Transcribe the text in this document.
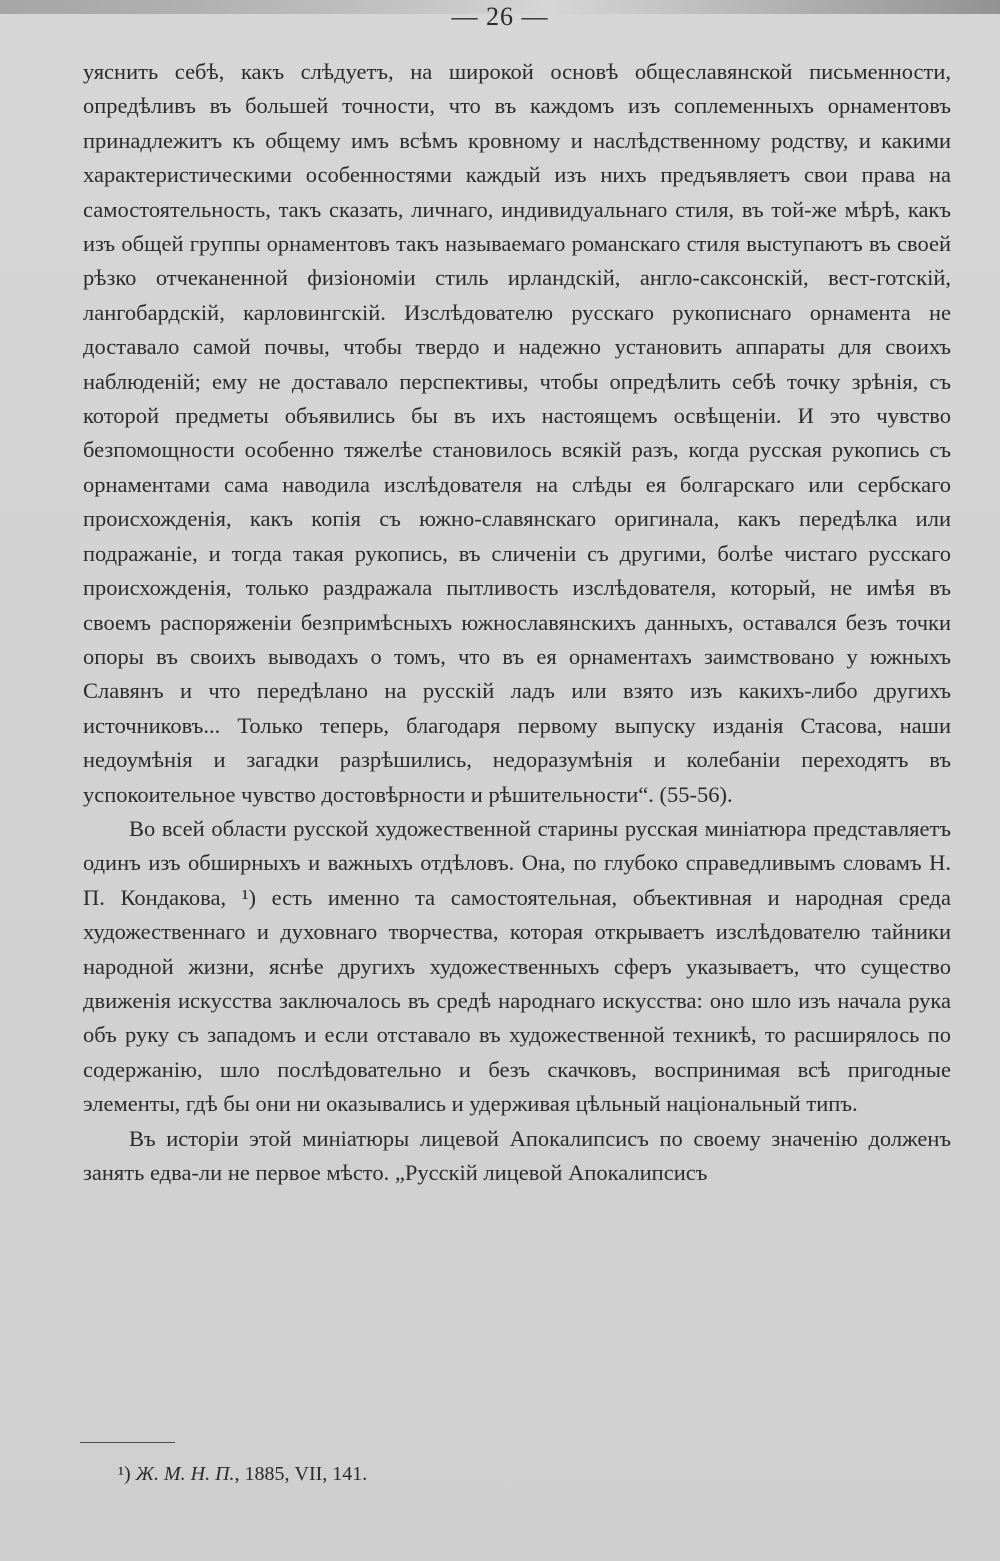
— 26 —

уяснить себѣ, какъ слѣдуетъ, на широкой основѣ общеславянской письменности, опредѣливъ въ большей точности, что въ каждомъ изъ соплеменныхъ орнаментовъ принадлежитъ къ общему имъ всѣмъ кровному и наслѣдственному родству, и какими характеристическими особенностями каждый изъ нихъ предъявляетъ свои права на самостоятельность, такъ сказать, личнаго, индивидуальнаго стиля, въ той-же мѣрѣ, какъ изъ общей группы орнаментовъ такъ называемаго романскаго стиля выступаютъ въ своей рѣзко отчеканенной физіономіи стиль ирландскій, англо-саксонскій, вест-готскій, лангобардскій, карловингскій. Изслѣдователю русскаго рукописнаго орнамента не доставало самой почвы, чтобы твердо и надежно установить аппараты для своихъ наблюденій; ему не доставало перспективы, чтобы опредѣлить себѣ точку зрѣнія, съ которой предметы объявились бы въ ихъ настоящемъ освѣщеніи. И это чувство безпомощности особенно тяжелѣе становилось всякій разъ, когда русская рукопись съ орнаментами сама наводила изслѣдователя на слѣды ея болгарскаго или сербскаго происхожденія, какъ копія съ южно-славянскаго оригинала, какъ передѣлка или подражаніе, и тогда такая рукопись, въ сличеніи съ другими, болѣе чистаго русскаго происхожденія, только раздражала пытливость изслѣдователя, который, не имѣя въ своемъ распоряженіи безпримѣсныхъ южнославянскихъ данныхъ, оставался безъ точки опоры въ своихъ выводахъ о томъ, что въ ея орнаментахъ заимствовано у южныхъ Славянъ и что передѣлано на русскій ладъ или взято изъ какихъ-либо другихъ источниковъ... Только теперь, благодаря первому выпуску изданія Стасова, наши недоумѣнія и загадки разрѣшились, недоразумѣнія и колебаніи переходятъ въ успокоительное чувство достовѣрности и рѣшительности“. (55-56).

Во всей области русской художественной старины русская миніатюра представляетъ одинъ изъ обширныхъ и важныхъ отдѣловъ. Она, по глубоко справедливымъ словамъ Н. П. Кондакова, ¹) есть именно та самостоятельная, объективная и народная среда художественнаго и духовнаго творчества, которая открываетъ изслѣдователю тайники народной жизни, яснѣе другихъ художественныхъ сферъ указываетъ, что существо движенія искусства заключалось въ средѣ народнаго искусства: оно шло изъ начала рука объ руку съ западомъ и если отставало въ художественной техникѣ, то расширялось по содержанію, шло послѣдовательно и безъ скачковъ, воспринимая всѣ пригодные элементы, гдѣ бы они ни оказывались и удерживая цѣльный національный типъ.

Въ исторіи этой миніатюры лицевой Апокалипсисъ по своему значенію долженъ занять едва-ли не первое мѣсто. „Русскій лицевой Апокалипсисъ

¹) Ж. М. Н. П., 1885, VII, 141.
